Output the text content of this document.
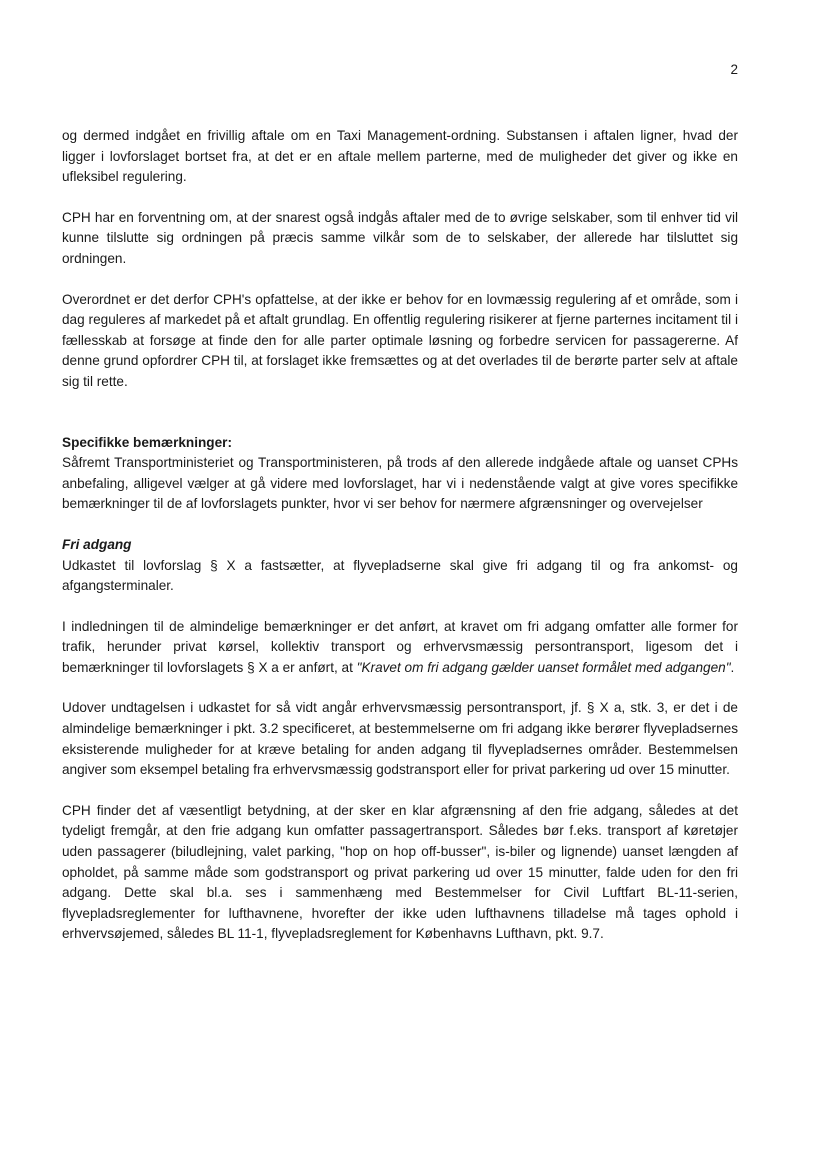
2

og dermed indgået en frivillig aftale om en Taxi Management-ordning. Substansen i aftalen ligner, hvad der ligger i lovforslaget bortset fra, at det er en aftale mellem parterne, med de muligheder det giver og ikke en ufleksibel regulering.

CPH har en forventning om, at der snarest også indgås aftaler med de to øvrige selskaber, som til enhver tid vil kunne tilslutte sig ordningen på præcis samme vilkår som de to selskaber, der allerede har tilsluttet sig ordningen.

Overordnet er det derfor CPH's opfattelse, at der ikke er behov for en lovmæssig regulering af et område, som i dag reguleres af markedet på et aftalt grundlag. En offentlig regulering risikerer at fjerne parternes incitament til i fællesskab at forsøge at finde den for alle parter optimale løsning og forbedre servicen for passagererne. Af denne grund opfordrer CPH til, at forslaget ikke fremsættes og at det overlades til de berørte parter selv at aftale sig til rette.

Specifikke bemærkninger:

Såfremt Transportministeriet og Transportministeren, på trods af den allerede indgåede aftale og uanset CPHs anbefaling, alligevel vælger at gå videre med lovforslaget, har vi i nedenstående valgt at give vores specifikke bemærkninger til de af lovforslagets punkter, hvor vi ser behov for nærmere afgrænsninger og overvejelser

Fri adgang

Udkastet til lovforslag § X a fastsætter, at flyvepladserne skal give fri adgang til og fra ankomst- og afgangsterminaler.

I indledningen til de almindelige bemærkninger er det anført, at kravet om fri adgang omfatter alle former for trafik, herunder privat kørsel, kollektiv transport og erhvervsmæssig persontransport, ligesom det i bemærkninger til lovforslagets § X a er anført, at "Kravet om fri adgang gælder uanset formålet med adgangen".

Udover undtagelsen i udkastet for så vidt angår erhvervsmæssig persontransport, jf. § X a, stk. 3, er det i de almindelige bemærkninger i pkt. 3.2 specificeret, at bestemmelserne om fri adgang ikke berører flyvepladsernes eksisterende muligheder for at kræve betaling for anden adgang til flyvepladsernes områder. Bestemmelsen angiver som eksempel betaling fra erhvervsmæssig godstransport eller for privat parkering ud over 15 minutter.

CPH finder det af væsentligt betydning, at der sker en klar afgrænsning af den frie adgang, således at det tydeligt fremgår, at den frie adgang kun omfatter passagertransport. Således bør f.eks. transport af køretøjer uden passagerer (biludlejning, valet parking, "hop on hop off-busser", is-biler og lignende) uanset længden af opholdet, på samme måde som godstransport og privat parkering ud over 15 minutter, falde uden for den fri adgang. Dette skal bl.a. ses i sammenhæng med Bestemmelser for Civil Luftfart BL-11-serien, flyvepladsreglementer for lufthavnene, hvorefter der ikke uden lufthavnens tilladelse må tages ophold i erhvervsøjemed, således BL 11-1, flyvepladsreglement for Københavns Lufthavn, pkt. 9.7.
